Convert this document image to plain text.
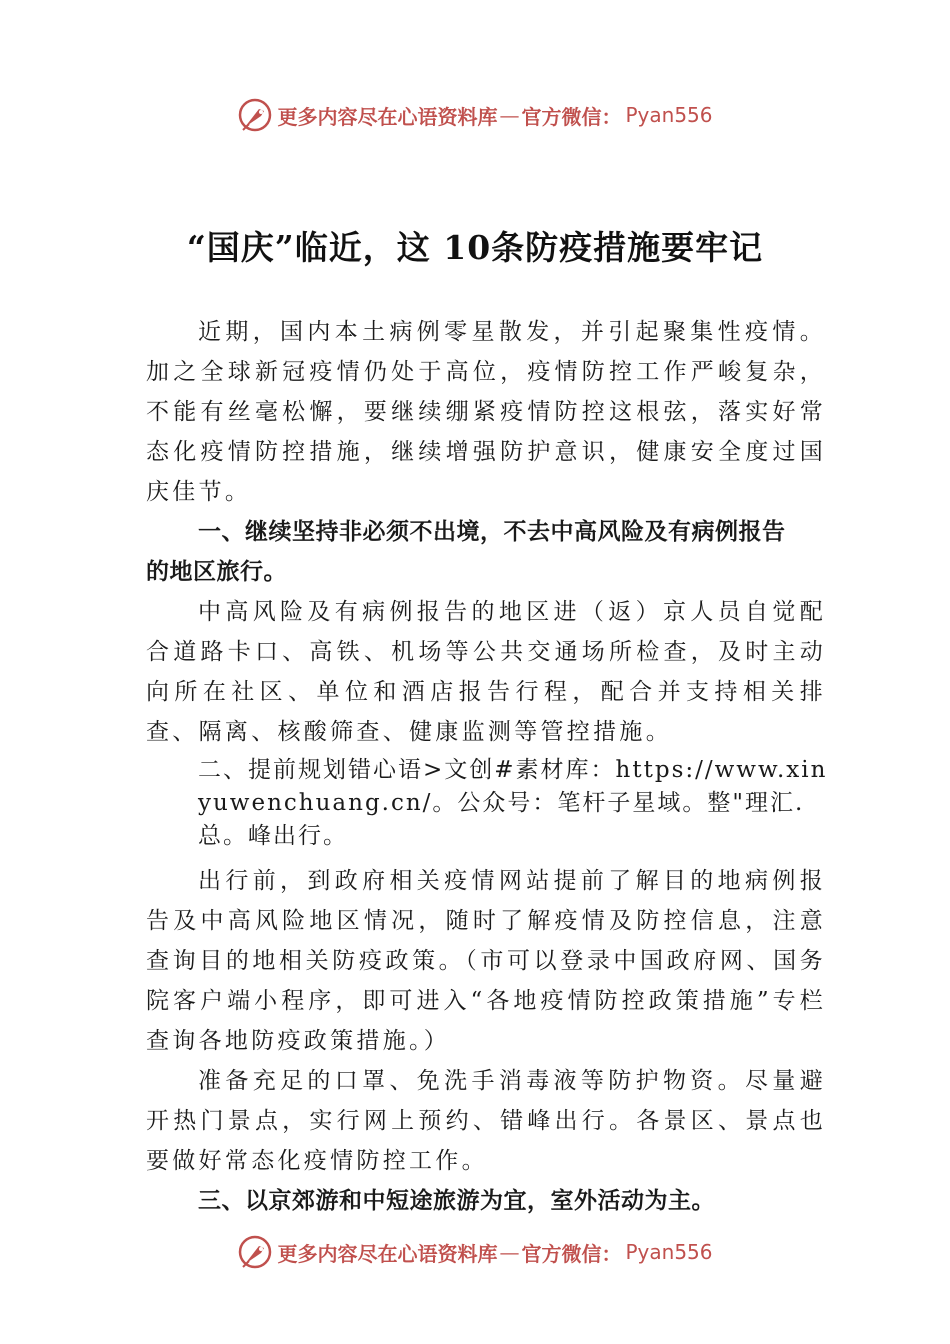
更多内容尽在心语资料库 — 官方微信： Pyan556
“国庆”临近，这 10条防疫措施要牢记

近期，国内本土病例零星散发，并引起聚集性疫情。加之全球新冠疫情仍处于高位，疫情防控工作严峻复杂，不能有丝毫松懈，要继续绷紧疫情防控这根弦，落实好常态化疫情防控措施，继续增强防护意识，健康安全度过国庆佳节。

一、继续坚持非必须不出境，不去中高风险及有病例报告的地区旅行。

中高风险及有病例报告的地区进（返）京人员自觉配合道路卡口、高铁、机场等公共交通场所检查，及时主动向所在社区、单位和酒店报告行程，配合并支持相关排查、隔离、核酸筛查、健康监测等管控措施。

二、提前规划错心语>文创#素材库：https://www.xinyuwenchuang.cn/。公众号：笔杆子星域。整"理汇.总。峰出行。

出行前，到政府相关疫情网站提前了解目的地病例报告及中高风险地区情况，随时了解疫情及防控信息，注意查询目的地相关防疫政策。（市可以登录中国政府网、国务院客户端小程序，即可进入“各地疫情防控政策措施”专栏查询各地防疫政策措施。）

准备充足的口罩、免洗手消毒液等防护物资。尽量避开热门景点，实行网上预约、错峰出行。各景区、景点也要做好常态化疫情防控工作。

三、以京郊游和中短途旅游为宜，室外活动为主。

更多内容尽在心语资料库 — 官方微信： Pyan556
